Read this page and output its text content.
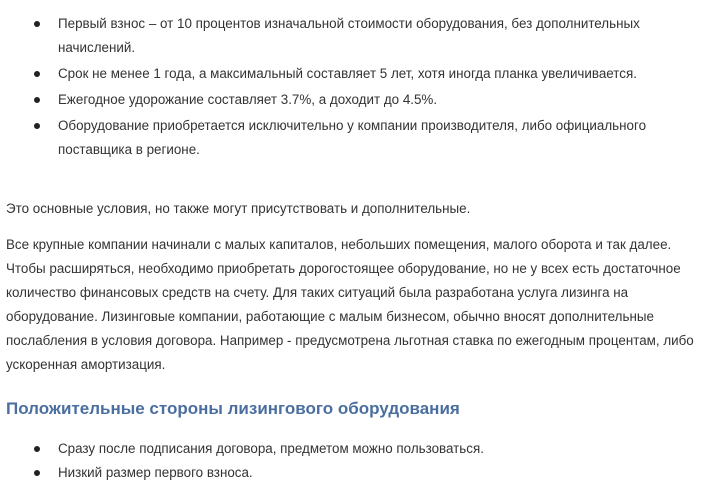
Первый взнос – от 10 процентов изначальной стоимости оборудования, без дополнительных начислений.
Срок не менее 1 года, а максимальный составляет 5 лет, хотя иногда планка увеличивается.
Ежегодное удорожание составляет 3.7%, а доходит до 4.5%.
Оборудование приобретается исключительно у компании производителя, либо официального поставщика в регионе.

Это основные условия, но также могут присутствовать и дополнительные.

Все крупные компании начинали с малых капиталов, небольших помещения, малого оборота и так далее. Чтобы расширяться, необходимо приобретать дорогостоящее оборудование, но не у всех есть достаточное количество финансовых средств на счету. Для таких ситуаций была разработана услуга лизинга на оборудование. Лизинговые компании, работающие с малым бизнесом, обычно вносят дополнительные послабления в условия договора. Например - предусмотрена льготная ставка по ежегодным процентам, либо ускоренная амортизация.

Положительные стороны лизингового оборудования
Сразу после подписания договора, предметом можно пользоваться.
Низкий размер первого взноса.
